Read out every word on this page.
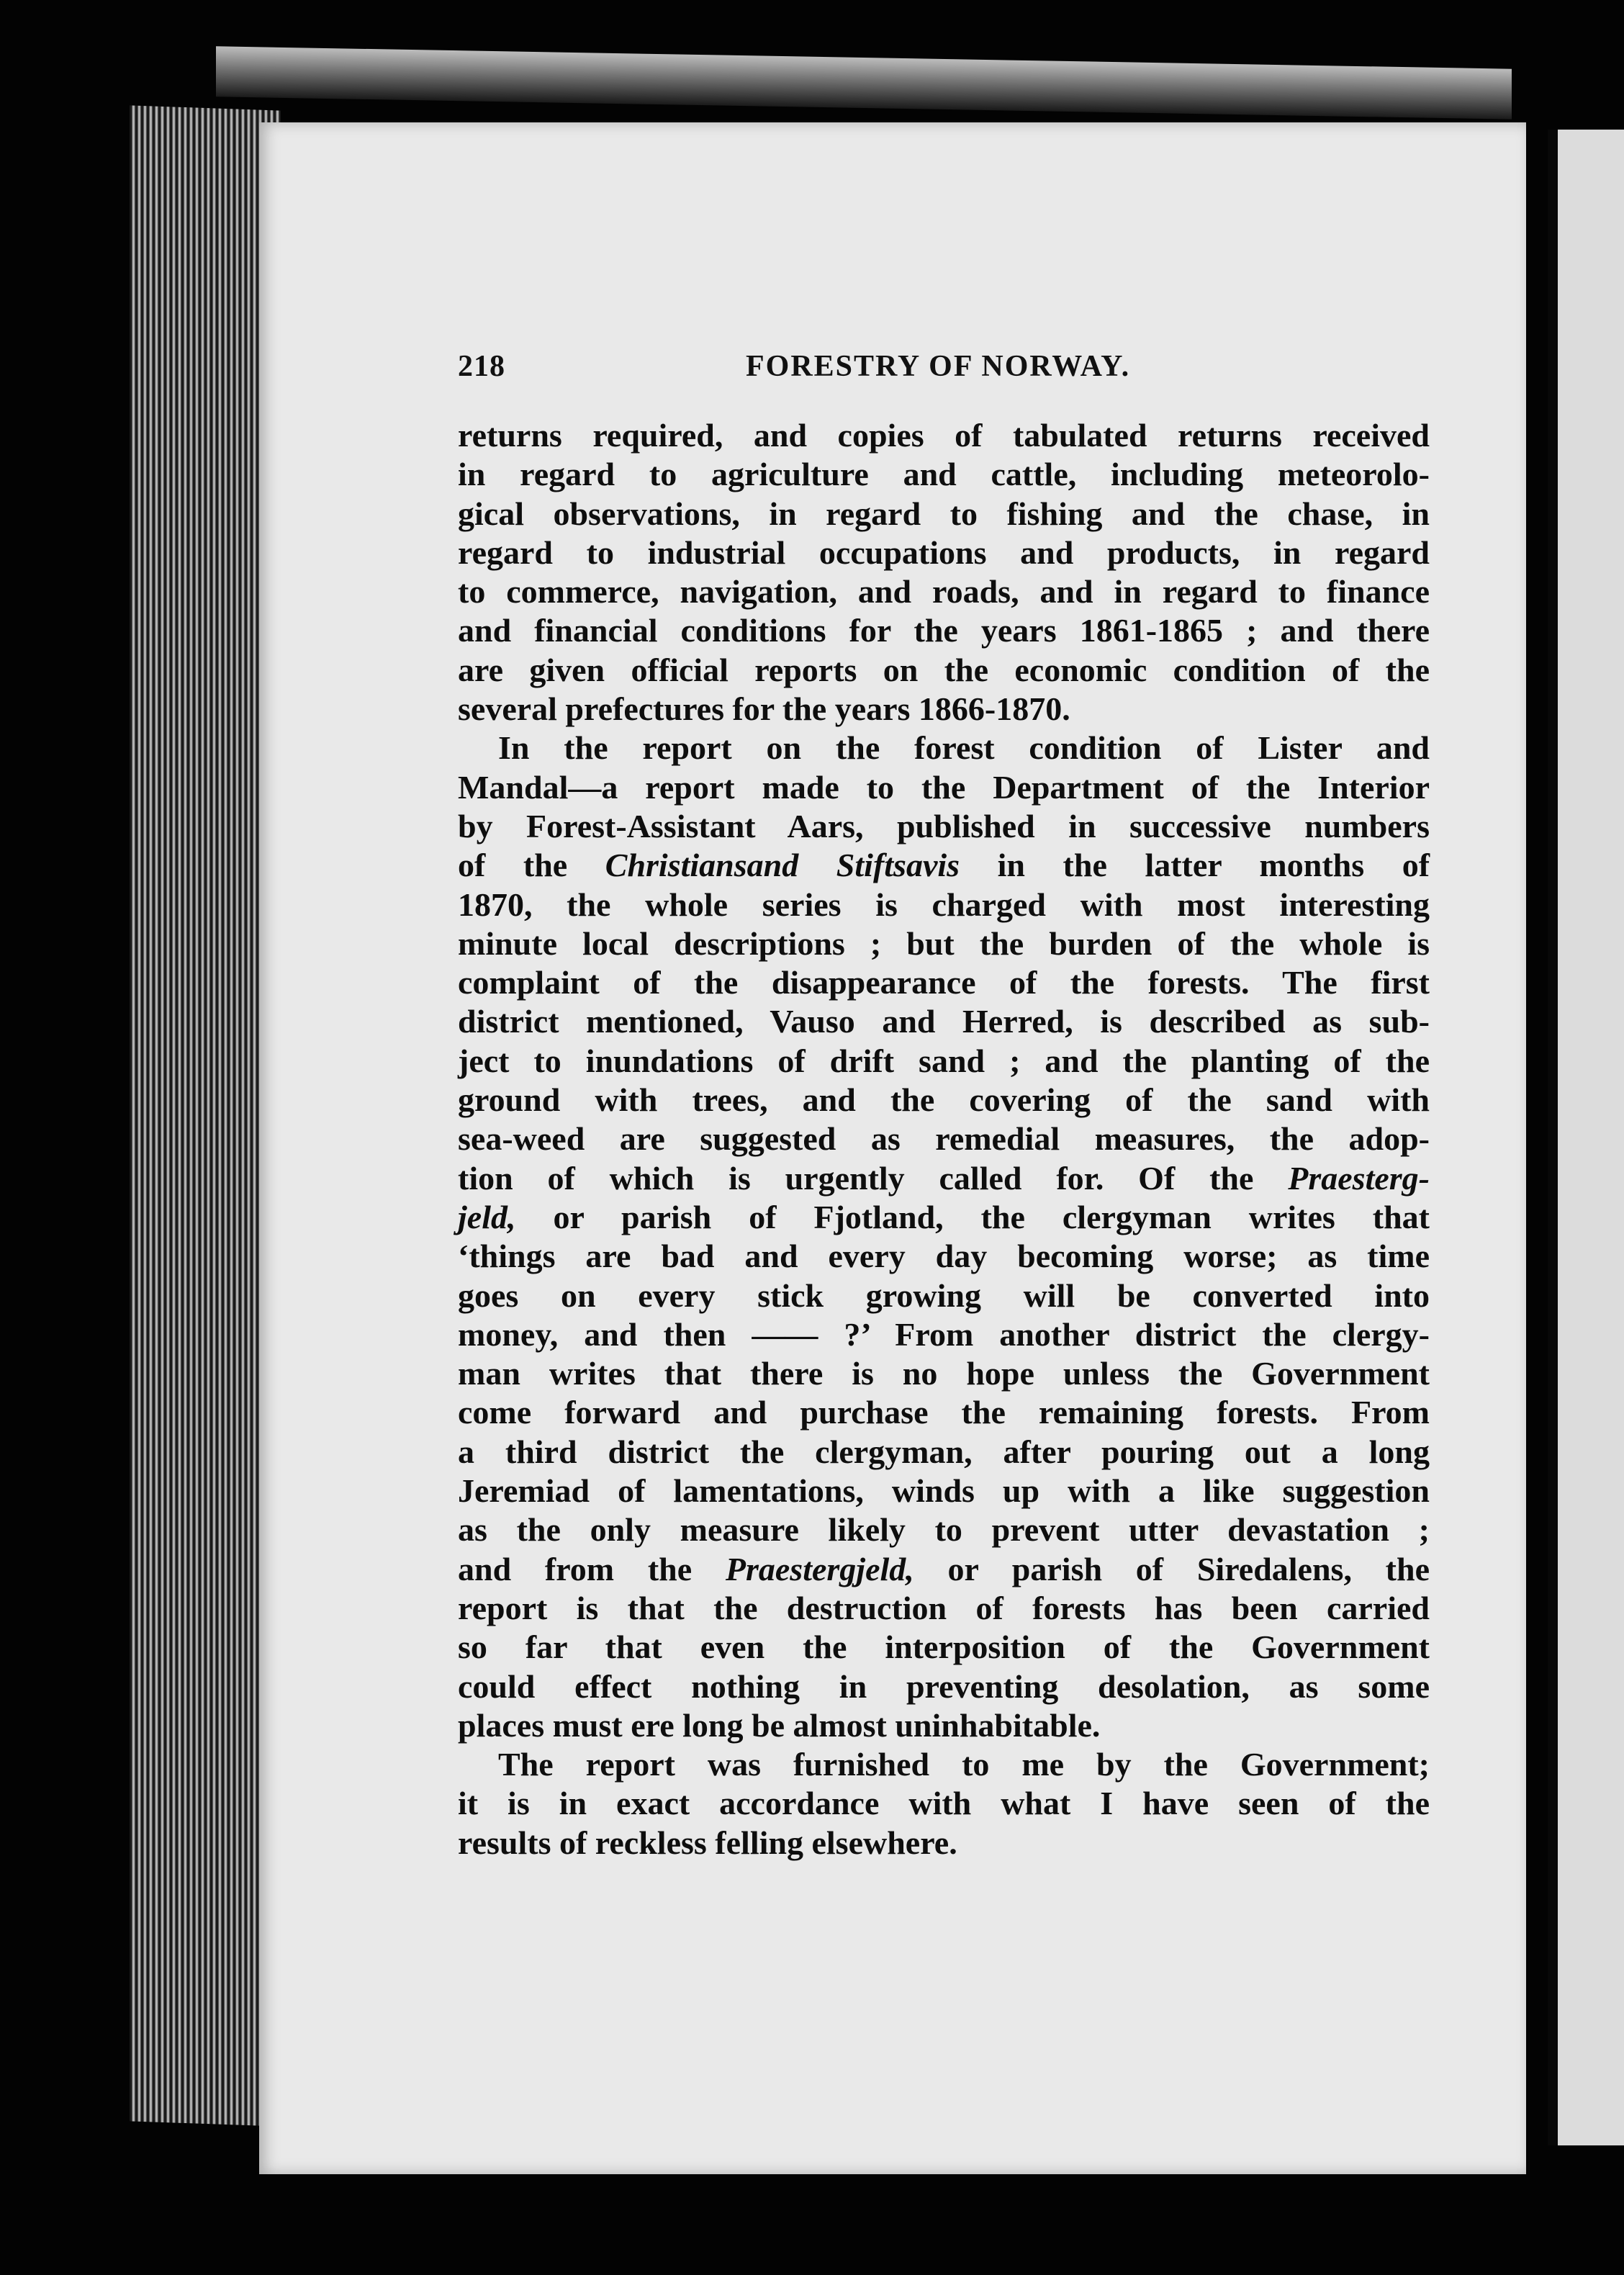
218	FORESTRY OF NORWAY.

returns required, and copies of tabulated returns received
in regard to agriculture and cattle, including meteorolo-
gical observations, in regard to fishing and the chase, in
regard to industrial occupations and products, in regard
to commerce, navigation, and roads, and in regard to finance
and financial conditions for the years 1861-1865 ; and there
are given official reports on the economic condition of the
several prefectures for the years 1866-1870.

In the report on the forest condition of Lister and
Mandal—a report made to the Department of the Interior
by Forest-Assistant Aars, published in successive numbers
of the Christiansand Stiftsavis in the latter months of
1870, the whole series is charged with most interesting
minute local descriptions ; but the burden of the whole is
complaint of the disappearance of the forests. The first
district mentioned, Vauso and Herred, is described as sub-
ject to inundations of drift sand ; and the planting of the
ground with trees, and the covering of the sand with
sea-weed are suggested as remedial measures, the adop-
tion of which is urgently called for. Of the Praesterg-
jeld, or parish of Fjotland, the clergyman writes that
‘things are bad and every day becoming worse; as time
goes on every stick growing will be converted into
money, and then —— ?’ From another district the clergy-
man writes that there is no hope unless the Government
come forward and purchase the remaining forests. From
a third district the clergyman, after pouring out a long
Jeremiad of lamentations, winds up with a like suggestion
as the only measure likely to prevent utter devastation ;
and from the Praestergjeld, or parish of Siredalens, the
report is that the destruction of forests has been carried
so far that even the interposition of the Government
could effect nothing in preventing desolation, as some
places must ere long be almost uninhabitable.

The report was furnished to me by the Government;
it is in exact accordance with what I have seen of the
results of reckless felling elsewhere.
